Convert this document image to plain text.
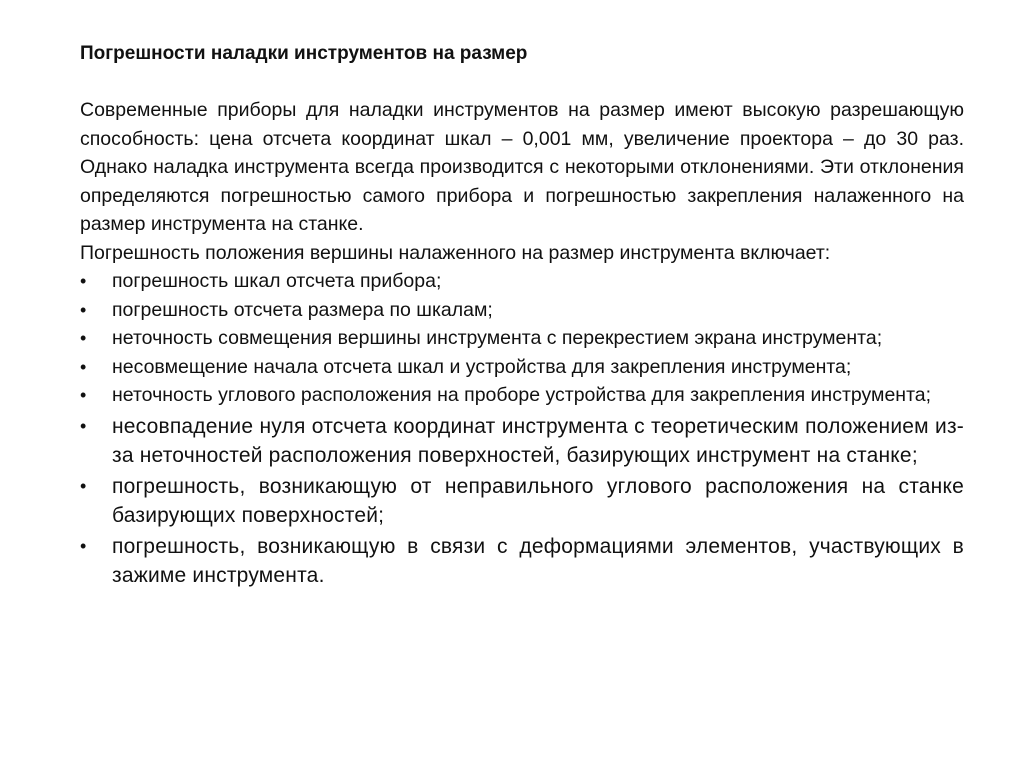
Погрешности наладки инструментов на размер

Современные приборы для наладки инструментов на размер имеют высокую разрешающую способность: цена отсчета координат шкал – 0,001 мм, увеличение проектора – до 30 раз. Однако наладка инструмента всегда производится с некоторыми отклонениями. Эти отклонения определяются погрешностью самого прибора и погрешностью закрепления налаженного на размер инструмента на станке.

Погрешность положения вершины налаженного на размер инструмента включает:

• погрешность шкал отсчета прибора;
• погрешность отсчета размера по шкалам;
• неточность совмещения вершины инструмента с перекрестием экрана инструмента;
• несовмещение начала отсчета шкал и устройства для закрепления инструмента;
• неточность углового расположения на проборе устройства для закрепления инструмента;
• несовпадение нуля отсчета координат инструмента с теоретическим положением из-за неточностей расположения поверхностей, базирующих инструмент на станке;
• погрешность, возникающую от неправильного углового расположения на станке базирующих поверхностей;
• погрешность, возникающую в связи с деформациями элементов, участвующих в зажиме инструмента.
